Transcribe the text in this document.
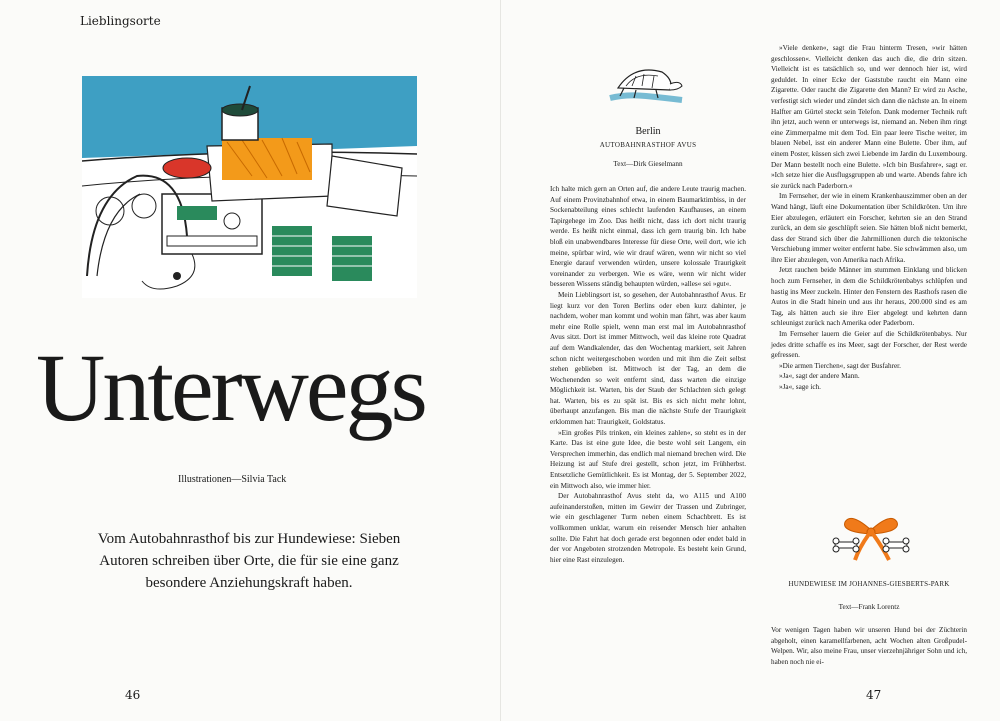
Lieblingsorte
Unterwegs
Illustrationen—Silvia Tack
Vom Autobahnrasthof bis zur Hundewiese: Sieben Autoren schreiben über Orte, die für sie eine ganz besondere Anziehungskraft haben.
46
Berlin
AUTOBAHNRASTHOF AVUS
Text—Dirk Gieselmann

Ich halte mich gern an Orten auf, die andere Leute traurig machen. Auf einem Provinzbahnhof etwa, in einem Baumarktimbiss, in der Sockenabteilung eines schlecht laufenden Kaufhauses, an einem Tapirgehege im Zoo. Das heißt nicht, dass ich dort nicht traurig werde. Es heißt nicht einmal, dass ich gern traurig bin. Ich habe bloß ein unabwendbares Interesse für diese Orte, weil dort, wie ich meine, spürbar wird, wie wir drauf wären, wenn wir nicht so viel Energie darauf verwenden würden, unsere kolossale Traurigkeit voreinander zu verbergen. Wie es wäre, wenn wir nicht wider besseren Wissens ständig behaupten würden, »alles« sei »gut«.

Mein Lieblingsort ist, so gesehen, der Autobahnrasthof Avus. Er liegt kurz vor den Toren Berlins oder eben kurz dahinter, je nachdem, woher man kommt und wohin man fährt, was aber kaum mehr eine Rolle spielt, wenn man erst mal im Autobahnrasthof Avus sitzt. Dort ist immer Mittwoch, weil das kleine rote Quadrat auf dem Wandkalender, das den Wochentag markiert, seit Jahren schon nicht weitergeschoben worden und mit ihm die Zeit selbst stehen geblieben ist. Mittwoch ist der Tag, an dem die Wochenenden so weit entfernt sind, dass warten die einzige Möglichkeit ist. Warten, bis der Staub der Schlachten sich gelegt hat. Warten, bis es zu spät ist. Bis es sich nicht mehr lohnt, überhaupt anzufangen. Bis man die nächste Stufe der Traurigkeit erklommen hat: Traurigkeit, Goldstatus.

»Ein großes Pils trinken, ein kleines zahlen«, so steht es in der Karte. Das ist eine gute Idee, die beste wohl seit Langem, ein Versprechen immerhin, das endlich mal niemand brechen wird. Die Heizung ist auf Stufe drei gestellt, schon jetzt, im Frühherbst. Entsetzliche Gemütlichkeit. Es ist Montag, der 5. September 2022, ein Mittwoch also, wie immer hier.

Der Autobahnrasthof Avus steht da, wo A115 und A100 aufeinanderstoßen, mitten im Gewirr der Trassen und Zubringer, wie ein geschlagener Turm neben einem Schachbrett. Es ist vollkommen unklar, warum ein reisender Mensch hier anhalten sollte. Die Fahrt hat doch gerade erst begonnen oder endet bald in der vor Angeboten strotzenden Metropole. Es besteht kein Grund, hier eine Rast einzulegen.

»Viele denken«, sagt die Frau hinterm Tresen, »wir hätten geschlossen«. Vielleicht denken das auch die, die drin sitzen. Vielleicht ist es tatsächlich so, und wer dennoch hier ist, wird geduldet. In einer Ecke der Gaststube raucht ein Mann eine Zigarette. Oder raucht die Zigarette den Mann? Er wird zu Asche, verfestigt sich wieder und zündet sich dann die nächste an. In einem Halfter am Gürtel steckt sein Telefon. Dank moderner Technik ruft ihn jetzt, auch wenn er unterwegs ist, niemand an. Neben ihm ringt eine Zimmerpalme mit dem Tod. Ein paar leere Tische weiter, im blauen Nebel, isst ein anderer Mann eine Bulette. Über ihm, auf einem Poster, küssen sich zwei Liebende im Jardin du Luxembourg. Der Mann bestellt noch eine Bulette. »Ich bin Busfahrer«, sagt er. »Ich setze hier die Ausflugsgruppen ab und warte. Abends fahre ich sie zurück nach Paderborn.«

Im Fernseher, der wie in einem Krankenhauszimmer oben an der Wand hängt, läuft eine Dokumentation über Schildkröten. Um ihre Eier abzulegen, erläutert ein Forscher, kehrten sie an den Strand zurück, an dem sie geschlüpft seien. Sie hätten bloß nicht bemerkt, dass der Strand sich über die Jahrmillionen durch die tektonische Verschiebung immer weiter entfernt habe. Sie schwämmen also, um ihre Eier abzulegen, von Amerika nach Afrika.

Jetzt rauchen beide Männer im stummen Einklang und blicken hoch zum Fernseher, in dem die Schildkrötenbabys schlüpfen und hastig ins Meer zuckeln. Hinter den Fenstern des Rasthofs rasen die Autos in die Stadt hinein und aus ihr heraus, 200.000 sind es am Tag, als hätten auch sie ihre Eier abgelegt und kehrten dann schleunigst zurück nach Amerika oder Paderborn.

Im Fernseher lauern die Geier auf die Schildkrötenbabys. Nur jedes dritte schaffe es ins Meer, sagt der Forscher, der Rest werde gefressen.

»Die armen Tierchen«, sagt der Busfahrer.

»Ja«, sagt der andere Mann.

»Ja«, sage ich.

HUNDEWIESE IM JOHANNES-GIESBERTS-PARK
Text—Frank Lorentz

Vor wenigen Tagen haben wir unseren Hund bei der Züchterin abgeholt, einen karamellfarbenen, acht Wochen alten Großpudel-Welpen. Wir, also meine Frau, unser vierzehnjähriger Sohn und ich, haben noch nie ei-

47
